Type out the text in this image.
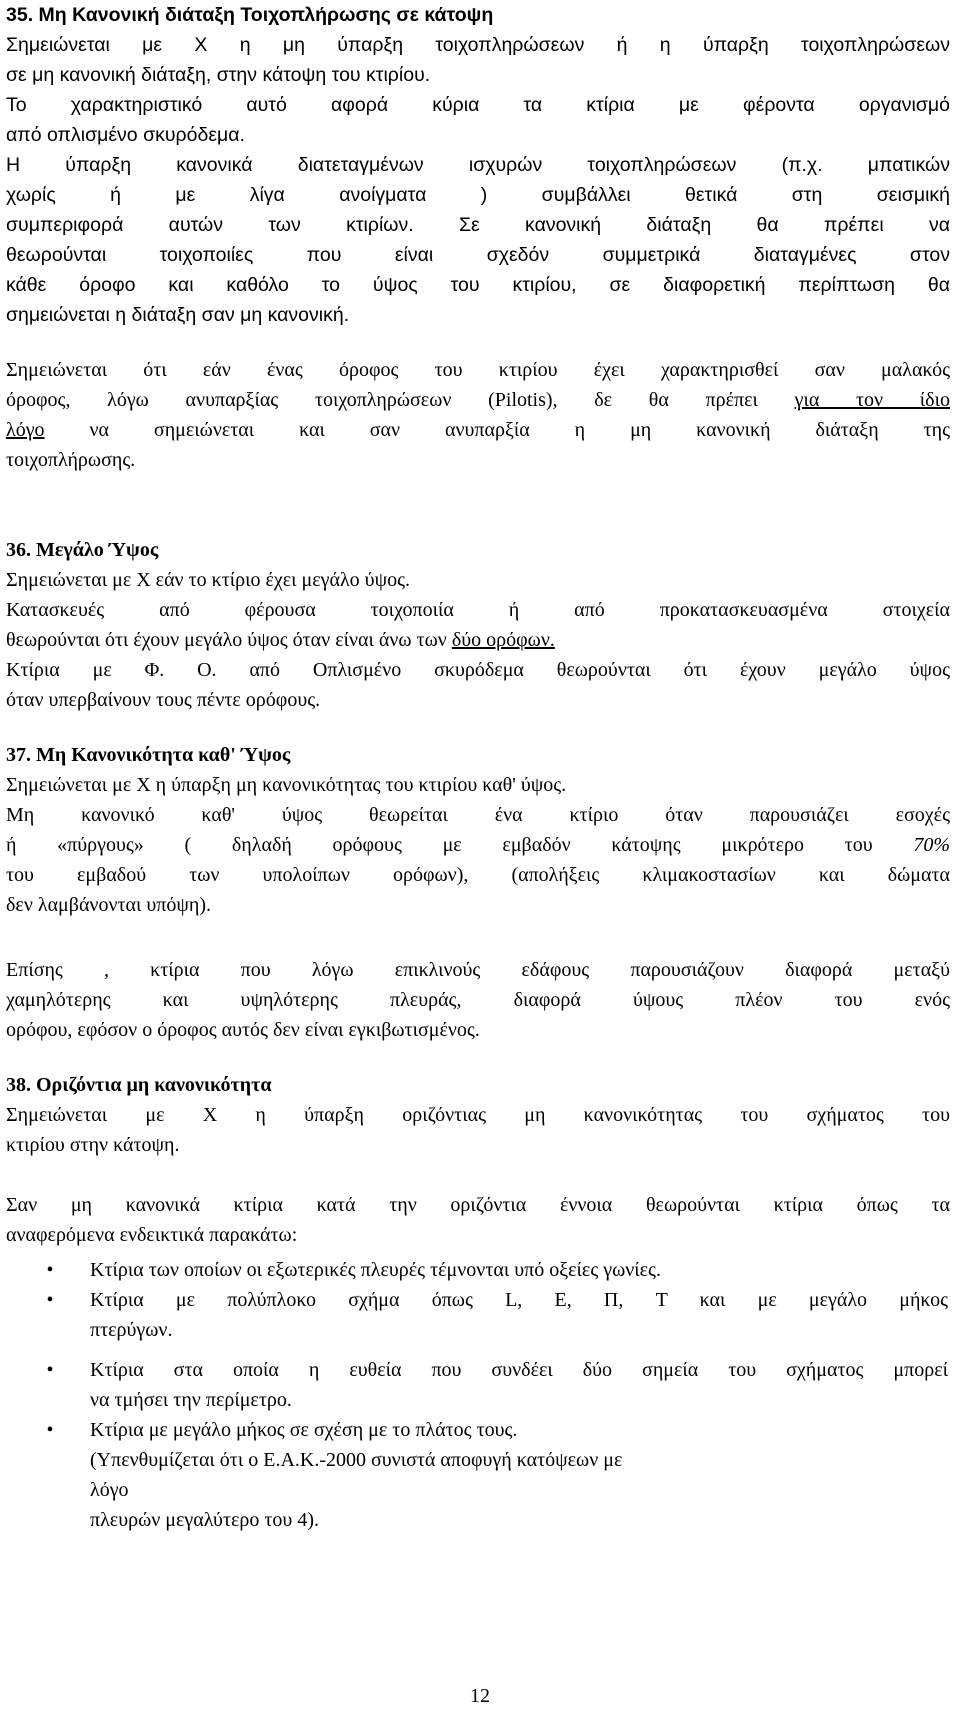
35. Μη Κανονική διάταξη Τοιχοπλήρωσης σε κάτοψη
Σημειώνεται με Χ η μη ύπαρξη τοιχοπληρώσεων ή η ύπαρξη τοιχοπληρώσεων
σε μη κανονική διάταξη, στην κάτοψη του κτιρίου.
Το χαρακτηριστικό αυτό αφορά κύρια τα κτίρια με φέροντα οργανισμό
από οπλισμένο σκυρόδεμα.
Η ύπαρξη κανονικά διατεταγμένων ισχυρών τοιχοπληρώσεων (π.χ. μπατικών
χωρίς ή με λίγα ανοίγματα ) συμβάλλει θετικά στη σεισμική
συμπεριφορά αυτών των κτιρίων. Σε κανονική διάταξη θα πρέπει να
θεωρούνται τοιχοποιίες που είναι σχεδόν συμμετρικά διαταγμένες στον
κάθε όροφο και καθόλο το ύψος του κτιρίου, σε διαφορετική περίπτωση θα
σημειώνεται η διάταξη σαν μη κανονική.
Σημειώνεται ότι εάν ένας όροφος του κτιρίου έχει χαρακτηρισθεί σαν μαλακός
όροφος, λόγω ανυπαρξίας τοιχοπληρώσεων (Pilotis), δε θα πρέπει για τον ίδιο
λόγο να σημειώνεται και σαν ανυπαρξία η μη κανονική διάταξη της
τοιχοπλήρωσης.
36. Μεγάλο Ύψος
Σημειώνεται με Χ εάν το κτίριο έχει μεγάλο ύψος.
Κατασκευές από φέρουσα τοιχοποιία ή από προκατασκευασμένα στοιχεία
θεωρούνται ότι έχουν μεγάλο ύψος όταν είναι άνω των δύο ορόφων.
Κτίρια με Φ. Ο. από Οπλισμένο σκυρόδεμα θεωρούνται ότι έχουν μεγάλο ύψος
όταν υπερβαίνουν τους πέντε ορόφους.
37. Μη Κανονικότητα καθ' Ύψος
Σημειώνεται με Χ η ύπαρξη μη κανονικότητας του κτιρίου καθ' ύψος.
Μη κανονικό καθ' ύψος θεωρείται ένα κτίριο όταν παρουσιάζει εσοχές
ή «πύργους» ( δηλαδή ορόφους με εμβαδόν κάτοψης μικρότερο του 70%
του εμβαδού των υπολοίπων ορόφων), (απολήξεις κλιμακοστασίων και δώματα
δεν λαμβάνονται υπόψη).
Επίσης , κτίρια που λόγω επικλινούς εδάφους παρουσιάζουν διαφορά μεταξύ
χαμηλότερης και υψηλότερης πλευράς, διαφορά ύψους πλέον του ενός
ορόφου, εφόσον ο όροφος αυτός δεν είναι εγκιβωτισμένος.
38. Οριζόντια μη κανονικότητα
Σημειώνεται με Χ η ύπαρξη οριζόντιας μη κανονικότητας του σχήματος του
κτιρίου στην κάτοψη.
Σαν μη κανονικά κτίρια κατά την οριζόντια έννοια θεωρούνται κτίρια όπως τα
αναφερόμενα ενδεικτικά παρακάτω:
•	Κτίρια των οποίων οι εξωτερικές πλευρές τέμνονται υπό οξείες γωνίες.
•	Κτίρια με πολύπλοκο σχήμα όπως L, E, Π, T και με μεγάλο μήκος
πτερύγων.
•	Κτίρια στα οποία η ευθεία που συνδέει δύο σημεία του σχήματος μπορεί
να τμήσει την περίμετρο.
•	Κτίρια με μεγάλο μήκος σε σχέση με το πλάτος τους.
(Υπενθυμίζεται ότι ο Ε.Α.Κ.-2000 συνιστά αποφυγή κατόψεων με
λόγο
πλευρών μεγαλύτερο του 4).
12
